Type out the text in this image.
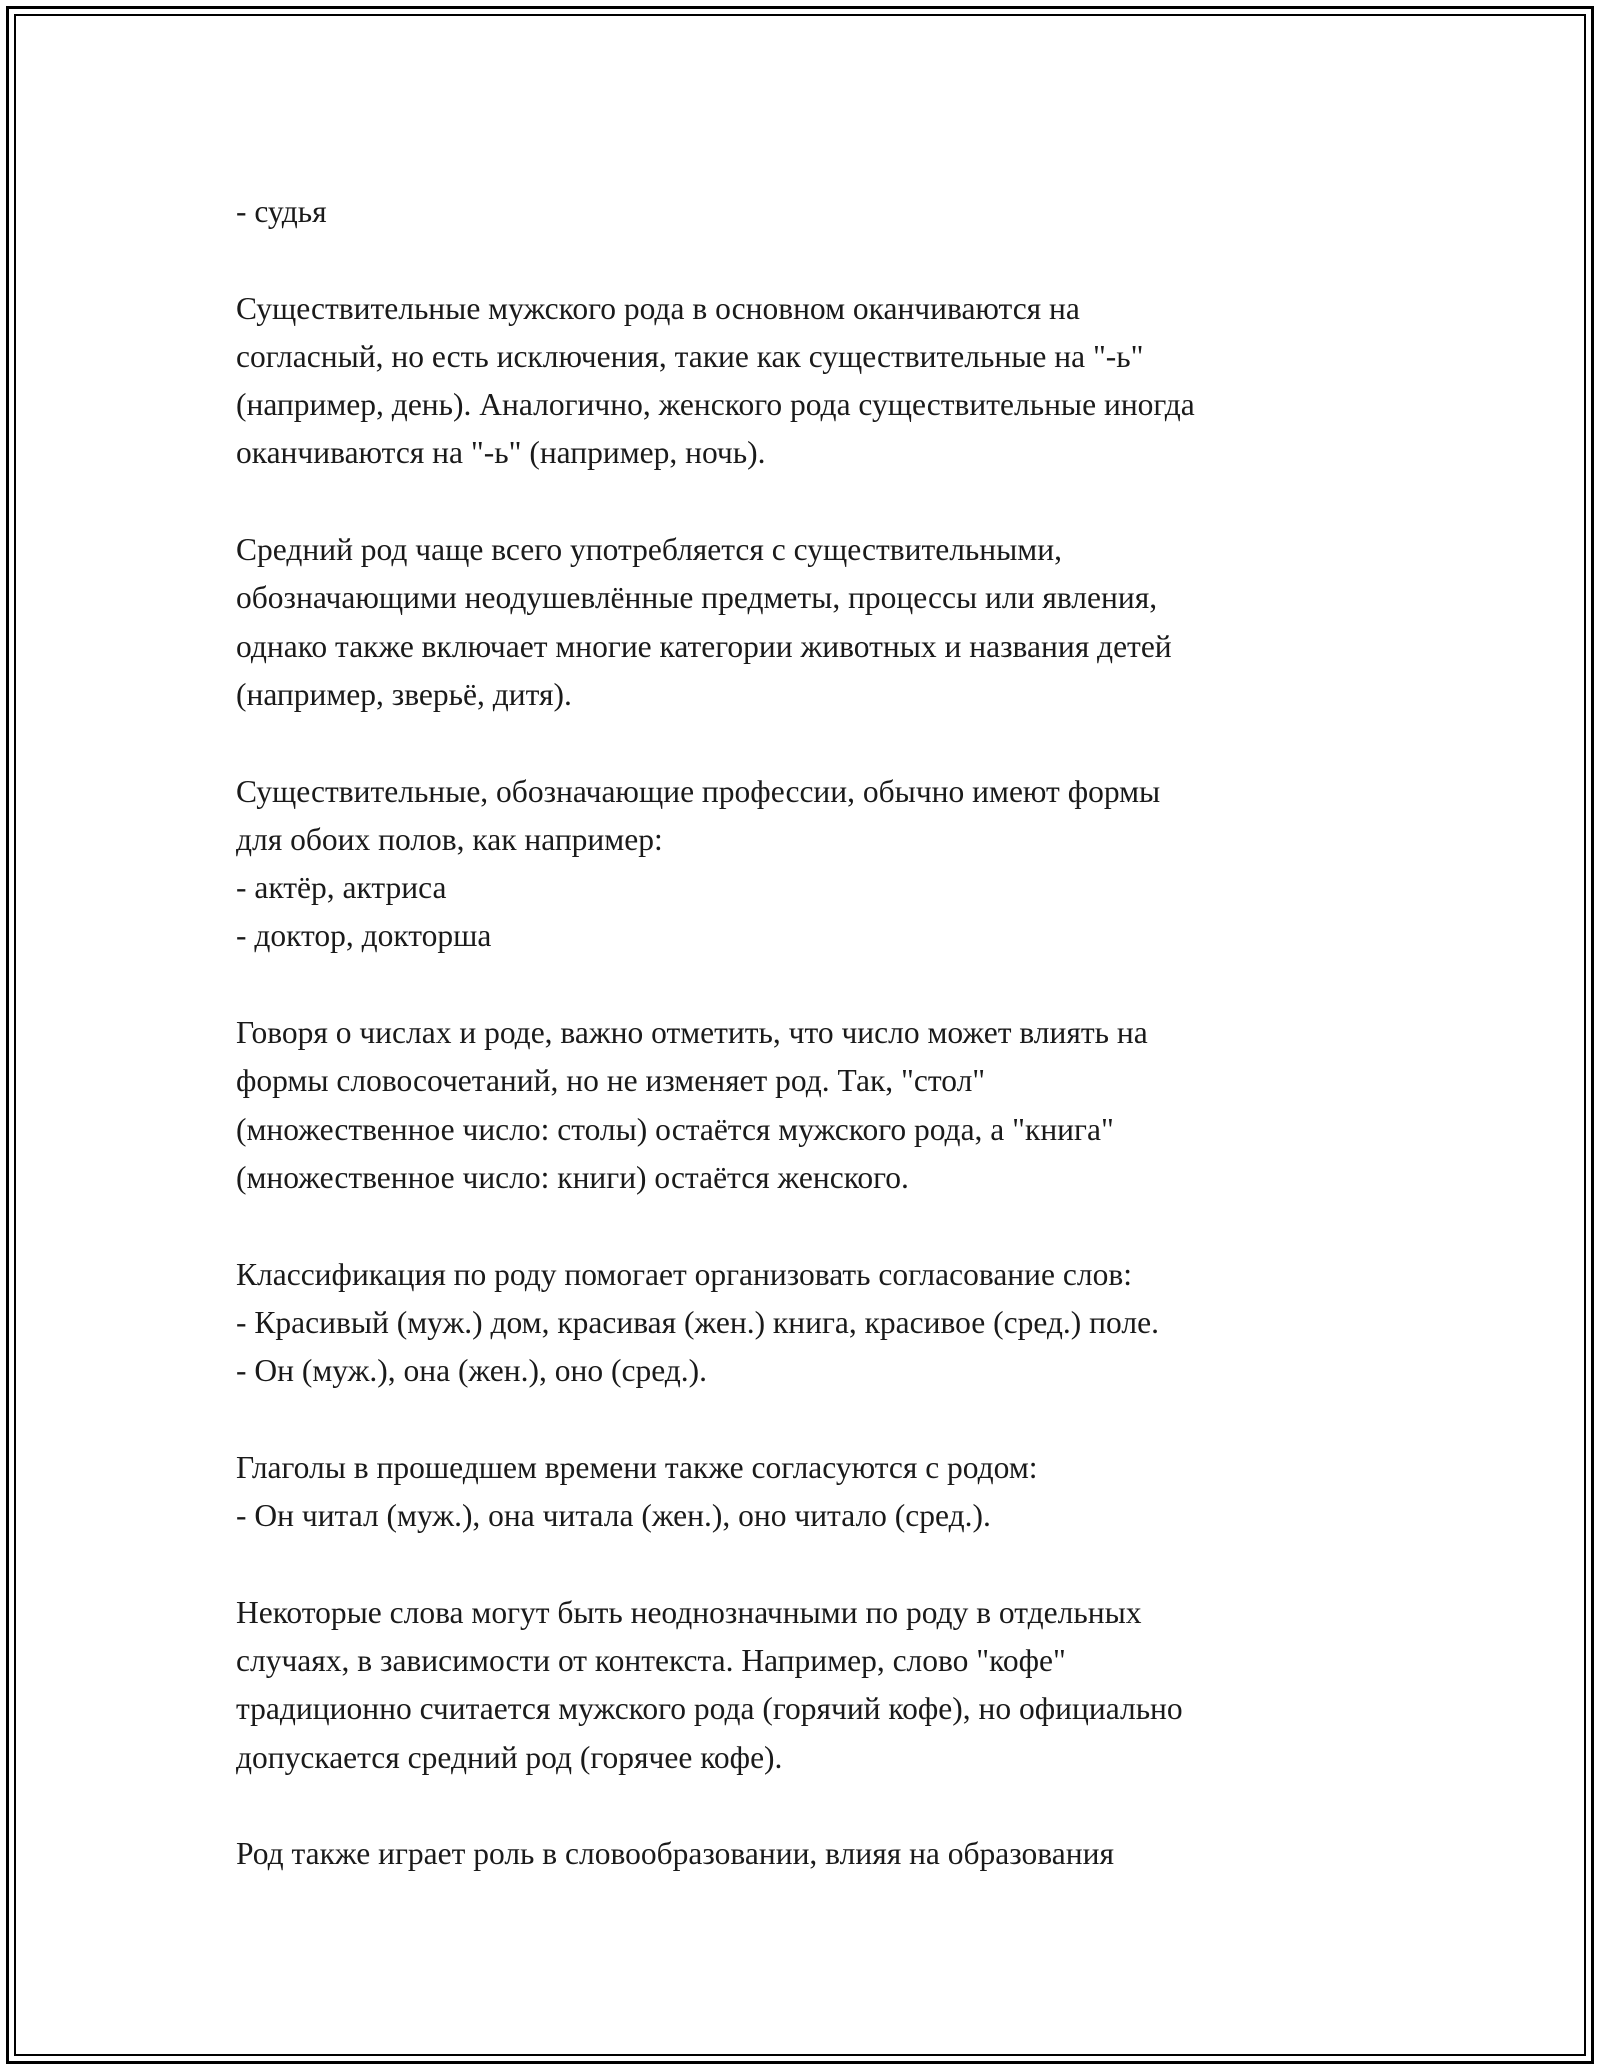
- судья

Существительные мужского рода в основном оканчиваются на
согласный, но есть исключения, такие как существительные на "-ь"
(например, день). Аналогично, женского рода существительные иногда
оканчиваются на "-ь" (например, ночь).

Средний род чаще всего употребляется с существительными,
обозначающими неодушевлённые предметы, процессы или явления,
однако также включает многие категории животных и названия детей
(например, зверьё, дитя).

Существительные, обозначающие профессии, обычно имеют формы
для обоих полов, как например:
- актёр, актриса
- доктор, докторша

Говоря о числах и роде, важно отметить, что число может влиять на
формы словосочетаний, но не изменяет род. Так, "стол"
(множественное число: столы) остаётся мужского рода, а "книга"
(множественное число: книги) остаётся женского.

Классификация по роду помогает организовать согласование слов:
- Красивый (муж.) дом, красивая (жен.) книга, красивое (сред.) поле.
- Он (муж.), она (жен.), оно (сред.).

Глаголы в прошедшем времени также согласуются с родом:
- Он читал (муж.), она читала (жен.), оно читало (сред.).

Некоторые слова могут быть неоднозначными по роду в отдельных
случаях, в зависимости от контекста. Например, слово "кофе"
традиционно считается мужского рода (горячий кофе), но официально
допускается средний род (горячее кофе).

Род также играет роль в словообразовании, влияя на образования
